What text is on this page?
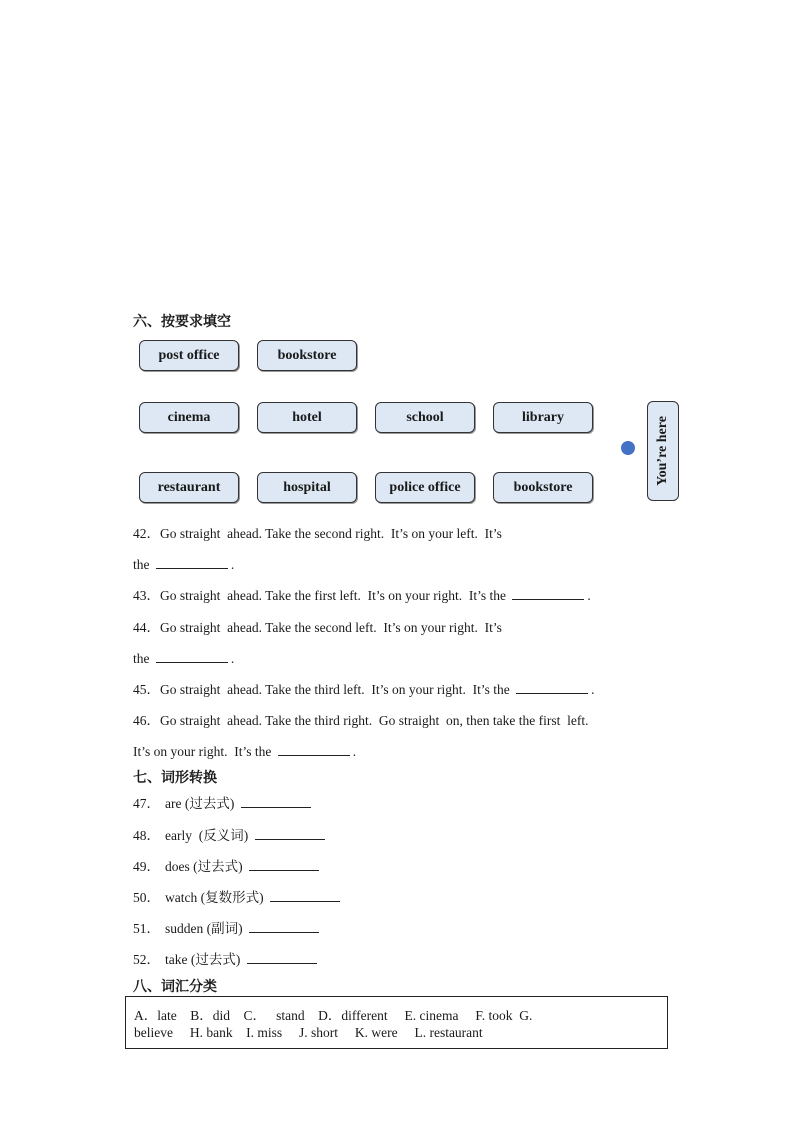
六、按要求填空
post office	bookstore
cinema	hotel	school	library
restaurant	hospital	police office	bookstore
You’re here
42．Go straight  ahead. Take the second right.  It’s on your left.  It’s
the	.
43．Go straight  ahead. Take the first left.  It’s on your right.  It’s the	.
44．Go straight  ahead. Take the second left.  It’s on your right.  It’s
the	.
45．Go straight  ahead. Take the third left.  It’s on your right.  It’s the	.
46．Go straight  ahead. Take the third right.  Go straight  on, then take the first  left.
It’s on your right.  It’s the	.
七、词形转换
47． are (过去式)
48． early  (反义词)
49． does (过去式)
50． watch (复数形式)
51． sudden (副词)
52． take (过去式)
八、词汇分类
A．late    B．did    C．   stand    D．different     E. cinema     F. took  G.
believe     H. bank    I. miss     J. short     K. were     L. restaurant
